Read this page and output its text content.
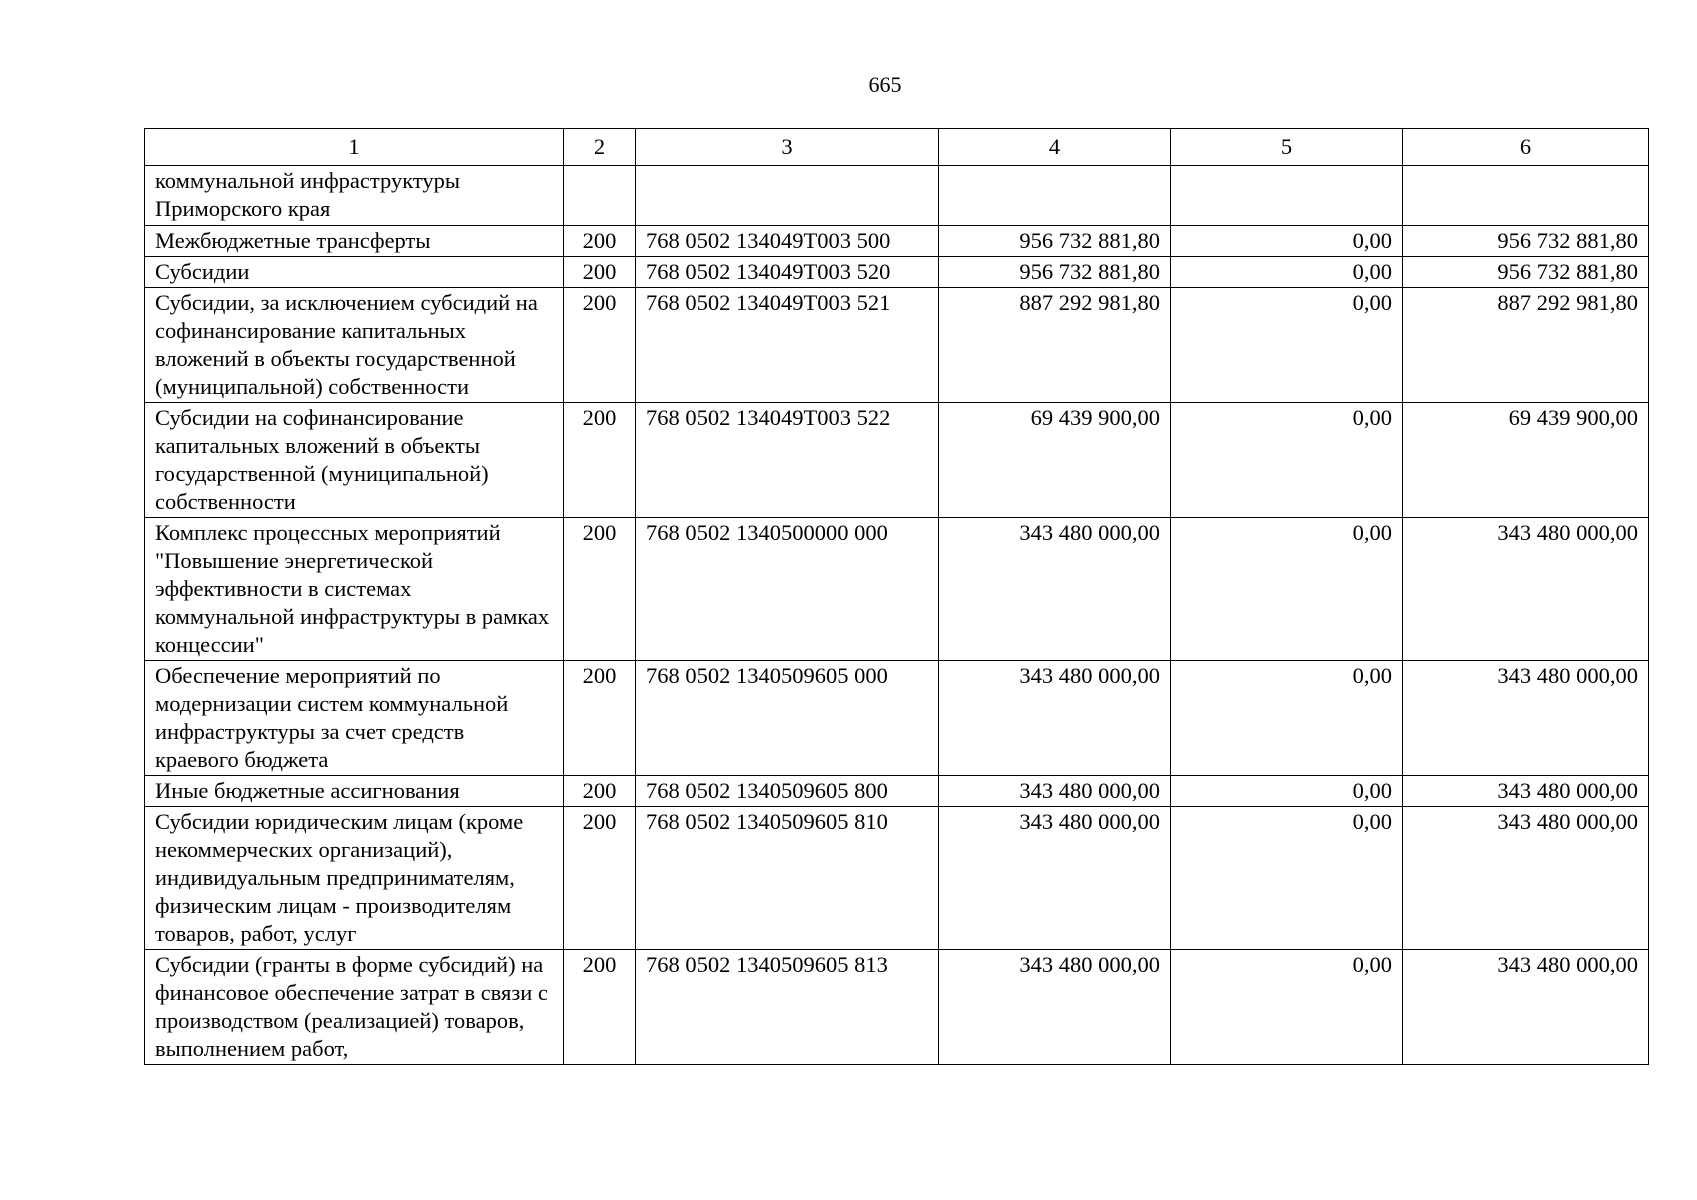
665
1	2	3	4	5	6
коммунальной инфраструктуры Приморского края					
Межбюджетные трансферты	200	768 0502 134049Т003 500	956 732 881,80	0,00	956 732 881,80
Субсидии	200	768 0502 134049Т003 520	956 732 881,80	0,00	956 732 881,80
Субсидии, за исключением субсидий на софинансирование капитальных вложений в объекты государственной (муниципальной) собственности	200	768 0502 134049Т003 521	887 292 981,80	0,00	887 292 981,80
Субсидии на софинансирование капитальных вложений в объекты государственной (муниципальной) собственности	200	768 0502 134049Т003 522	69 439 900,00	0,00	69 439 900,00
Комплекс процессных мероприятий "Повышение энергетической эффективности в системах коммунальной инфраструктуры в рамках концессии"	200	768 0502 1340500000 000	343 480 000,00	0,00	343 480 000,00
Обеспечение мероприятий по модернизации систем коммунальной инфраструктуры за счет средств краевого бюджета	200	768 0502 1340509605 000	343 480 000,00	0,00	343 480 000,00
Иные бюджетные ассигнования	200	768 0502 1340509605 800	343 480 000,00	0,00	343 480 000,00
Субсидии юридическим лицам (кроме некоммерческих организаций), индивидуальным предпринимателям, физическим лицам - производителям товаров, работ, услуг	200	768 0502 1340509605 810	343 480 000,00	0,00	343 480 000,00
Субсидии (гранты в форме субсидий) на финансовое обеспечение затрат в связи с производством (реализацией) товаров, выполнением работ,	200	768 0502 1340509605 813	343 480 000,00	0,00	343 480 000,00
